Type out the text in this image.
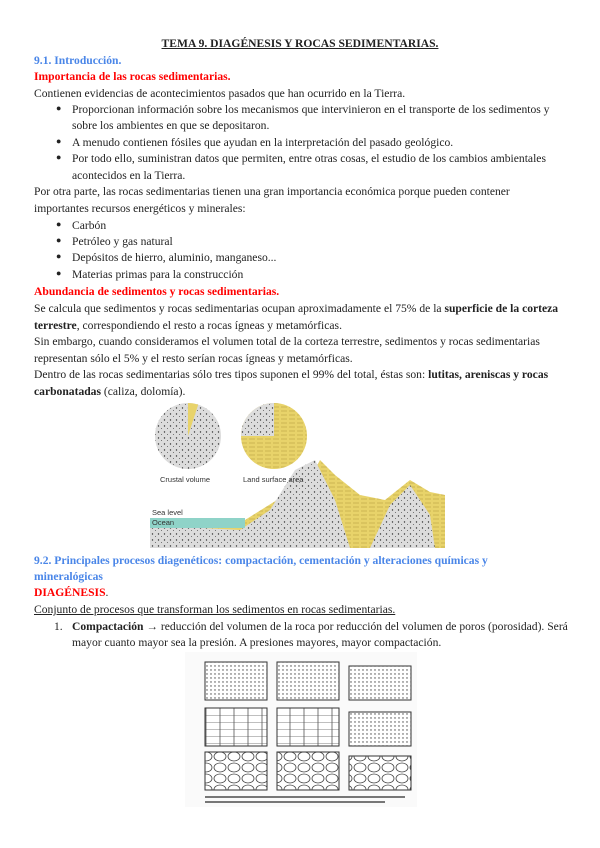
TEMA 9. DIAGÉNESIS Y ROCAS SEDIMENTARIAS.
9.1. Introducción.
Importancia de las rocas sedimentarias.
Contienen evidencias de acontecimientos pasados que han ocurrido en la Tierra.
● Proporcionan información sobre los mecanismos que intervinieron en el transporte de los sedimentos y
sobre los ambientes en que se depositaron.
● A menudo contienen fósiles que ayudan en la interpretación del pasado geológico.
● Por todo ello, suministran datos que permiten, entre otras cosas, el estudio de los cambios ambientales
acontecidos en la Tierra.
Por otra parte, las rocas sedimentarias tienen una gran importancia económica porque pueden contener
importantes recursos energéticos y minerales:
● Carbón
● Petróleo y gas natural
● Depósitos de hierro, aluminio, manganeso...
● Materias primas para la construcción
Abundancia de sedimentos y rocas sedimentarias.
Se calcula que sedimentos y rocas sedimentarias ocupan aproximadamente el 75% de la superficie de la corteza
terrestre, correspondiendo el resto a rocas ígneas y metamórficas.
Sin embargo, cuando consideramos el volumen total de la corteza terrestre, sedimentos y rocas sedimentarias
representan sólo el 5% y el resto serían rocas ígneas y metamórficas.
Dentro de las rocas sedimentarias sólo tres tipos suponen el 99% del total, éstas son: lutitas, areniscas y rocas
carbonatadas (caliza, dolomía).
Crustal volume	Land surface area
Sea level
Ocean
9.2. Principales procesos diagenéticos: compactación, cementación y alteraciones químicas y
mineralógicas
DIAGÉNESIS.
Conjunto de procesos que transforman los sedimentos en rocas sedimentarias.
1. Compactación → reducción del volumen de la roca por reducción del volumen de poros (porosidad). Será
mayor cuanto mayor sea la presión. A presiones mayores, mayor compactación.
